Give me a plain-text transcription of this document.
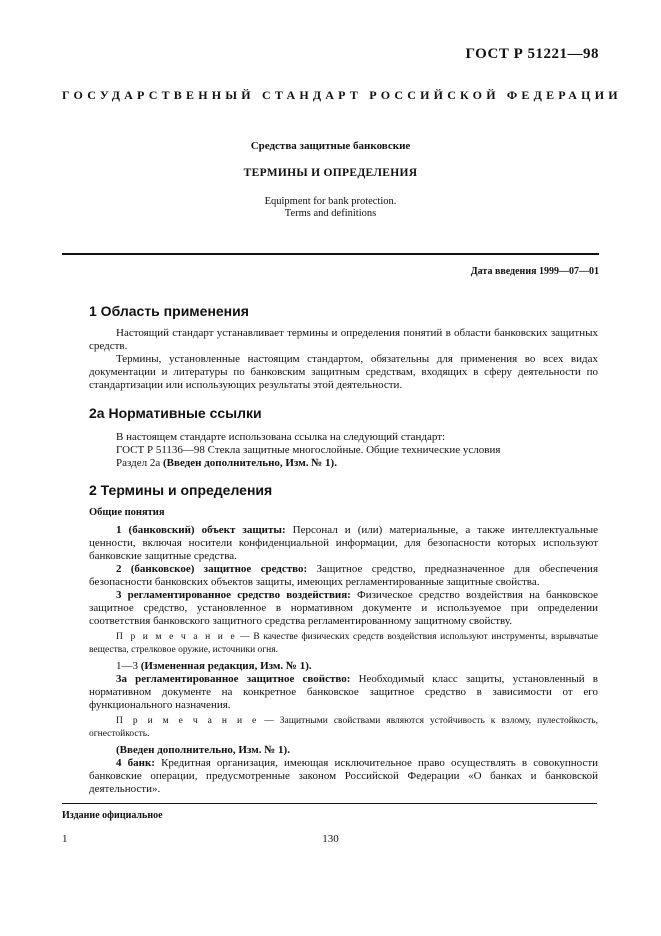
ГОСТ Р 51221—98
ГОСУДАРСТВЕННЫЙ СТАНДАРТ РОССИЙСКОЙ ФЕДЕРАЦИИ
Средства защитные банковские
ТЕРМИНЫ И ОПРЕДЕЛЕНИЯ
Equipment for bank protection.
Terms and definitions
Дата введения 1999—07—01
1 Область применения

Настоящий стандарт устанавливает термины и определения понятий в области банковских защитных средств.

Термины, установленные настоящим стандартом, обязательны для применения во всех видах документации и литературы по банковским защитным средствам, входящих в сферу деятельности по стандартизации или использующих результаты этой деятельности.

2а Нормативные ссылки

В настоящем стандарте использована ссылка на следующий стандарт:

ГОСТ Р 51136—98 Стекла защитные многослойные. Общие технические условия

Раздел 2а (Введен дополнительно, Изм. № 1).

2 Термины и определения
Общие понятия

1 (банковский) объект защиты: Персонал и (или) материальные, а также интеллектуальные ценности, включая носители конфиденциальной информации, для безопасности которых используют банковские защитные средства.

2 (банковское) защитное средство: Защитное средство, предназначенное для обеспечения безопасности банковских объектов защиты, имеющих регламентированные защитные свойства.

3 регламентированное средство воздействия: Физическое средство воздействия на банковское защитное средство, установленное в нормативном документе и используемое при определении соответствия банковского защитного средства регламентированному защитному свойству.

П р и м е ч а н и е — В качестве физических средств воздействия используют инструменты, взрывчатые вещества, стрелковое оружие, источники огня.

1—3 (Измененная редакция, Изм. № 1).

3а регламентированное защитное свойство: Необходимый класс защиты, установленный в нормативном документе на конкретное банковское защитное средство в зависимости от его функционального назначения.

П р и м е ч а н и е — Защитными свойствами являются устойчивость к взлому, пулестойкость, огнестойкость.

(Введен дополнительно, Изм. № 1).

4 банк: Кредитная организация, имеющая исключительное право осуществлять в совокупности банковские операции, предусмотренные законом Российской Федерации «О банках и банковской деятельности».

Издание официальное
1	130
